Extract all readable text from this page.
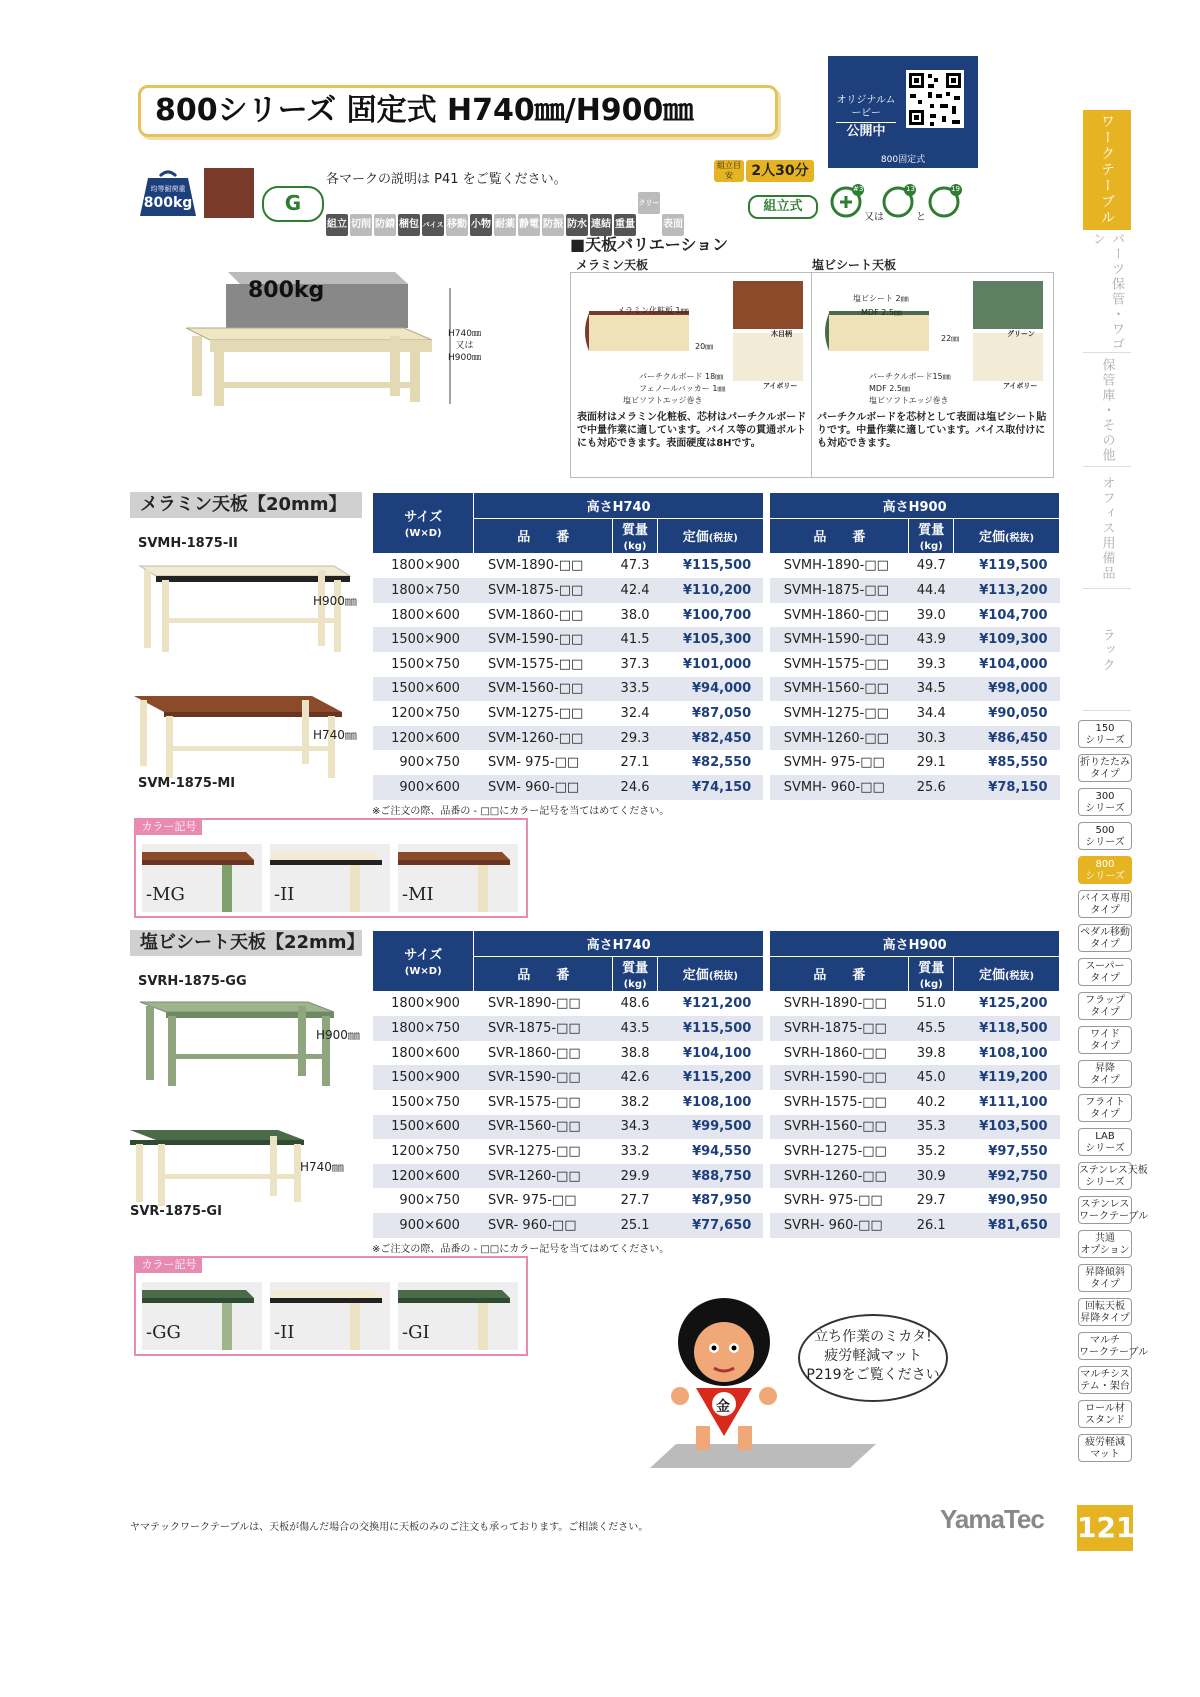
800シリーズ 固定式 H740㎜/H900㎜	オリジナルムービー
公開中
800固定式	ワークテーブル
パーツ保管・ワゴン
保管庫・その他
オフィス用備品
ラック
150
シリーズ
折りたたみ
タイプ
300
シリーズ
500
シリーズ
800
シリーズ
バイス専用
タイプ
ペダル移動
タイプ
スーパー
タイプ
フラップ
タイプ
ワイド
タイプ
昇降
タイプ
フライト
タイプ
LAB
シリーズ
ステンレス天板
シリーズ
ステンレス
ワークテーブル
共通
オプション
昇降傾斜
タイプ
回転天板
昇降タイプ
マルチ
ワークテーブル
マルチシス
テム・架台
ロール材
スタンド
疲労軽減
マット
均等耐荷重
800kg	G
各マークの説明は P41 をご覧ください。
組立 切削 防錆 梱包 バイス 移動 小物 耐薬 静電 防振 防水 連結 重量クリーン 表面
組立目安	2人30分
組立式
#3	13	19
又は	と
800kg
H740㎜
又は
H900㎜
■天板バリエーション
メラミン天板	塩ビシート天板
メラミン化粧板 1㎜
20㎜
パーチクルボード 18㎜
フェノールバッカー 1㎜
塩ビソフトエッジ巻き
木目柄
アイボリー
表面材はメラミン化粧板、芯材はパーチクルボードで中量作業に適しています。バイス等の貫通ボルトにも対応できます。表面硬度は8Hです。
塩ビシート 2㎜
MDF 2.5㎜
22㎜
パーチクルボード15㎜
MDF 2.5㎜
塩ビソフトエッジ巻き
グリーン
アイボリー
パーチクルボードを芯材として表面は塩ビシート貼りです。中量作業に適しています。バイス取付けにも対応できます。
メラミン天板【20mm】
SVMH-1875-II
H900㎜
H740㎜
SVM-1875-MI
サイズ
(W×D)	高さH740				高さH900		
	品　　番	質量
(kg)	定価(税抜)		品　　番	質量
(kg)	定価(税抜)
1800×900	SVM-1890-□□	47.3	¥115,500		SVMH-1890-□□	49.7	¥119,500
1800×750	SVM-1875-□□	42.4	¥110,200		SVMH-1875-□□	44.4	¥113,200
1800×600	SVM-1860-□□	38.0	¥100,700		SVMH-1860-□□	39.0	¥104,700
1500×900	SVM-1590-□□	41.5	¥105,300		SVMH-1590-□□	43.9	¥109,300
1500×750	SVM-1575-□□	37.3	¥101,000		SVMH-1575-□□	39.3	¥104,000
1500×600	SVM-1560-□□	33.5	¥94,000		SVMH-1560-□□	34.5	¥98,000
1200×750	SVM-1275-□□	32.4	¥87,050		SVMH-1275-□□	34.4	¥90,050
1200×600	SVM-1260-□□	29.3	¥82,450		SVMH-1260-□□	30.3	¥86,450
900×750	SVM- 975-□□	27.1	¥82,550		SVMH- 975-□□	29.1	¥85,550
900×600	SVM- 960-□□	24.6	¥74,150		SVMH- 960-□□	25.6	¥78,150
※ご注文の際、品番の - □□にカラー記号を当てはめてください。
カラー記号
-MG	-II	-MI
塩ビシート天板【22mm】
SVRH-1875-GG
H900㎜
H740㎜
SVR-1875-GI
サイズ
(W×D)	高さH740				高さH900		
	品　　番	質量
(kg)	定価(税抜)		品　　番	質量
(kg)	定価(税抜)
1800×900	SVR-1890-□□	48.6	¥121,200		SVRH-1890-□□	51.0	¥125,200
1800×750	SVR-1875-□□	43.5	¥115,500		SVRH-1875-□□	45.5	¥118,500
1800×600	SVR-1860-□□	38.8	¥104,100		SVRH-1860-□□	39.8	¥108,100
1500×900	SVR-1590-□□	42.6	¥115,200		SVRH-1590-□□	45.0	¥119,200
1500×750	SVR-1575-□□	38.2	¥108,100		SVRH-1575-□□	40.2	¥111,100
1500×600	SVR-1560-□□	34.3	¥99,500		SVRH-1560-□□	35.3	¥103,500
1200×750	SVR-1275-□□	33.2	¥94,550		SVRH-1275-□□	35.2	¥97,550
1200×600	SVR-1260-□□	29.9	¥88,750		SVRH-1260-□□	30.9	¥92,750
900×750	SVR- 975-□□	27.7	¥87,950		SVRH- 975-□□	29.7	¥90,950
900×600	SVR- 960-□□	25.1	¥77,650		SVRH- 960-□□	26.1	¥81,650
※ご注文の際、品番の - □□にカラー記号を当てはめてください。
カラー記号
-GG	-II	-GI
金
立ち作業のミカタ!
疲労軽減マット
P219をご覧ください
ヤマテックワークテーブルは、天板が傷んだ場合の交換用に天板のみのご注文も承っております。ご相談ください。	YamaTec 121
